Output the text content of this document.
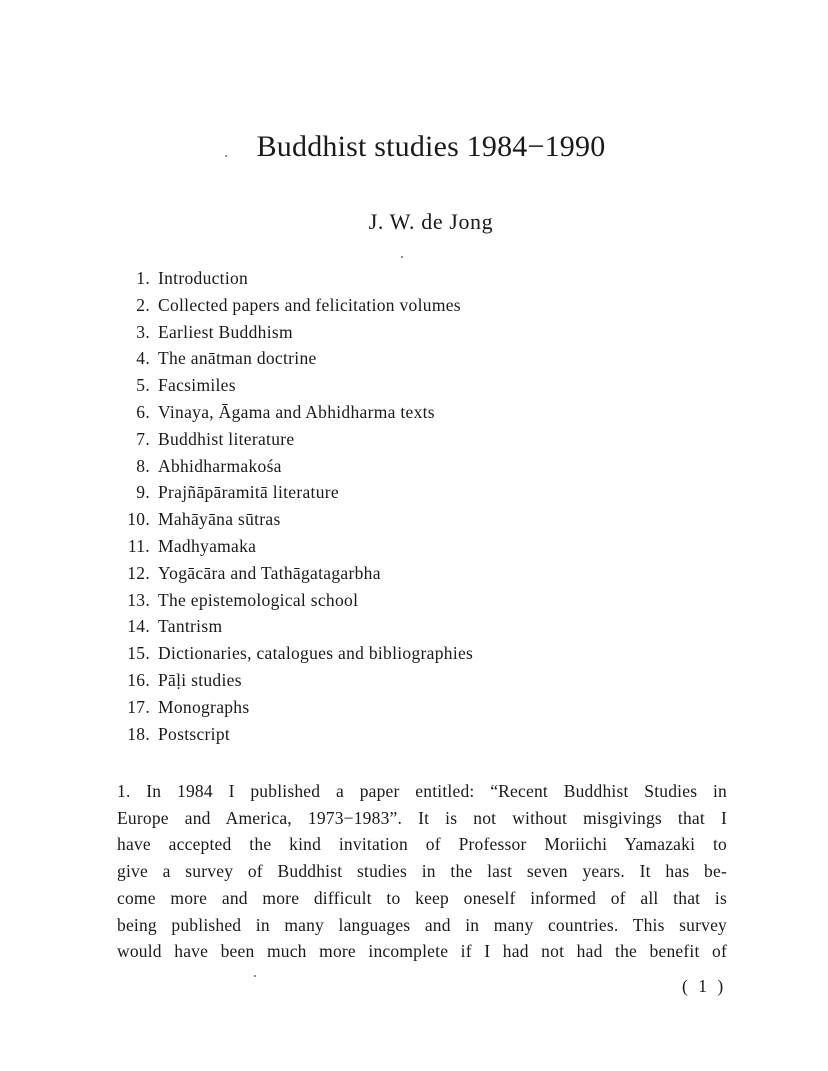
Buddhist studies 1984−1990
J. W. de Jong
1. Introduction
2. Collected papers and felicitation volumes
3. Earliest Buddhism
4. The anātman doctrine
5. Facsimiles
6. Vinaya, Āgama and Abhidharma texts
7. Buddhist literature
8. Abhidharmakośa
9. Prajñāpāramitā literature
10. Mahāyāna sūtras
11. Madhyamaka
12. Yogācāra and Tathāgatagarbha
13. The epistemological school
14. Tantrism
15. Dictionaries, catalogues and bibliographies
16. Pāḷi studies
17. Monographs
18. Postscript

1. In 1984 I published a paper entitled: “Recent Buddhist Studies in
Europe and America, 1973−1983”. It is not without misgivings that I
have accepted the kind invitation of Professor Moriichi Yamazaki to
give a survey of Buddhist studies in the last seven years. It has be-
come more and more difficult to keep oneself informed of all that is
being published in many languages and in many countries. This survey
would have been much more incomplete if I had not had the benefit of

( 1 )
